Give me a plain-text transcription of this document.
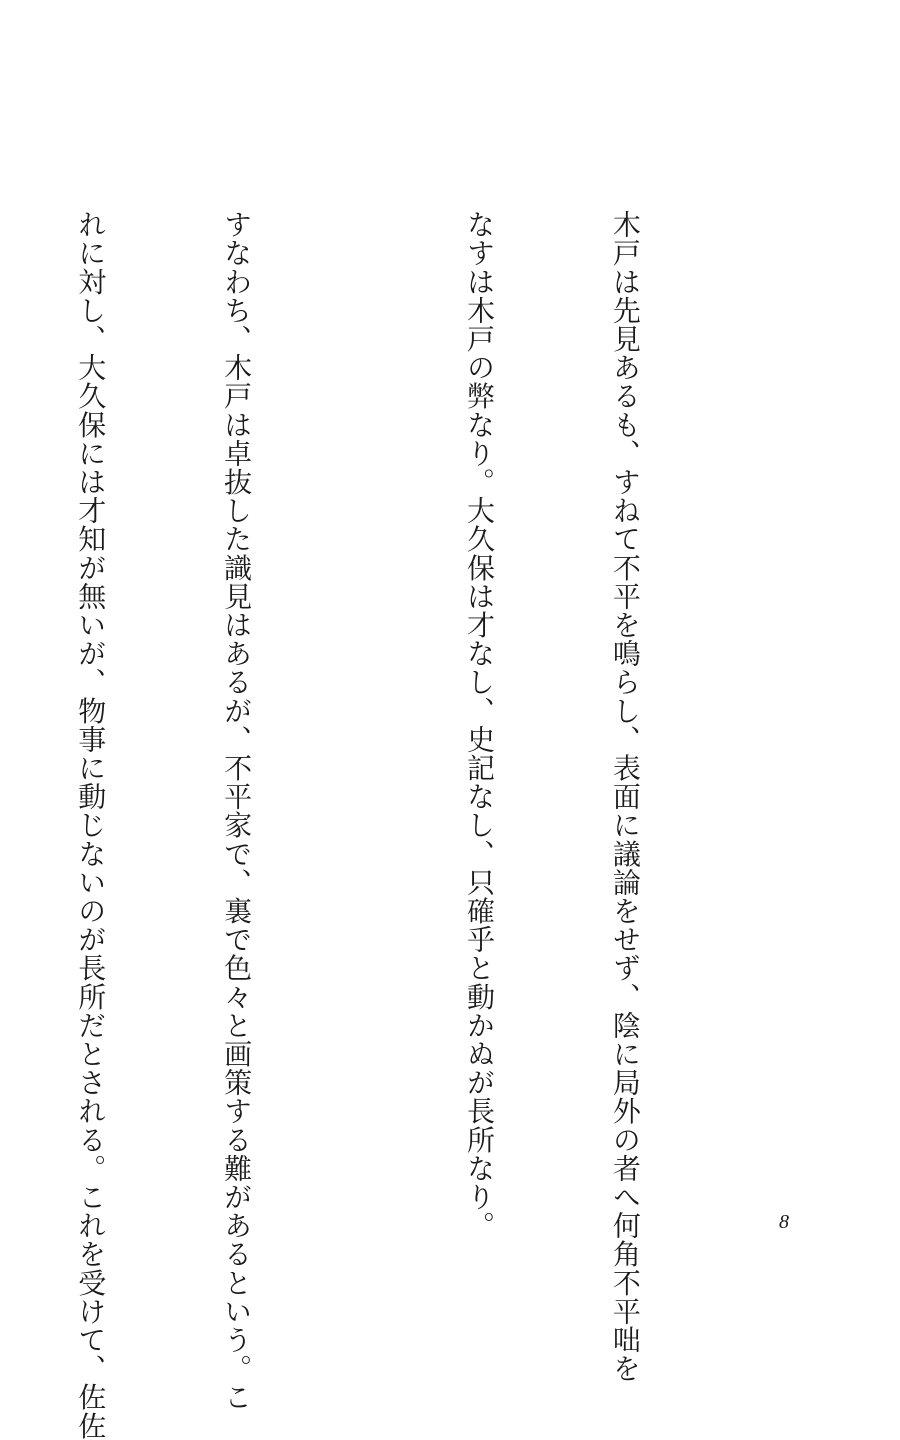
木戸は先見あるも、すねて不平を鳴らし、表面に議論をせず、陰に局外の者へ何角不平咄を

なすは木戸の弊なり。大久保は才なし、史記なし、只確乎と動かぬが長所なり。

すなわち、木戸は卓抜した識見はあるが、不平家で、裏で色々と画策する難があるという。こ

れに対し、大久保には才知が無いが、物事に動じないのが長所だとされる。これを受けて、佐佐

	8
